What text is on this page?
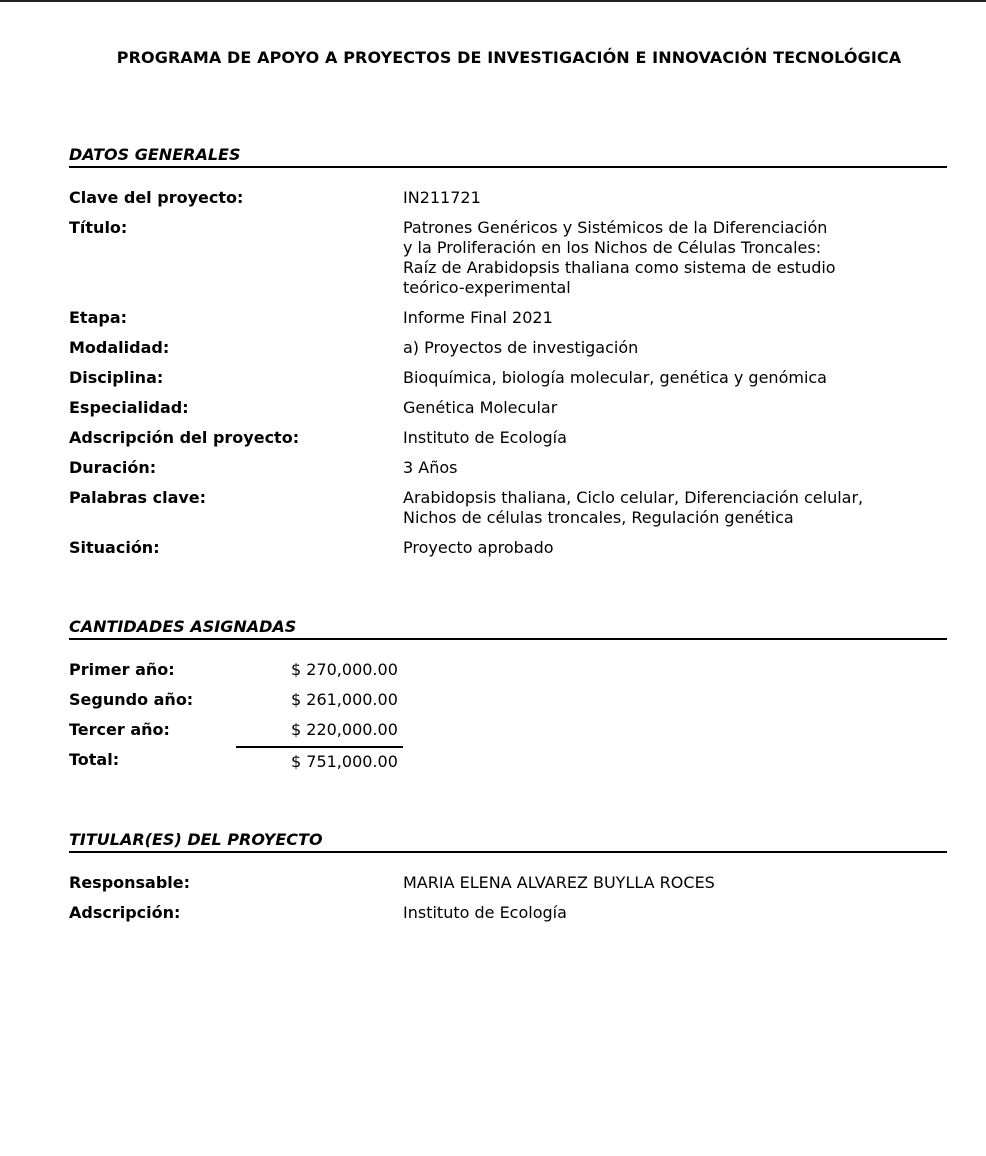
PROGRAMA DE APOYO A PROYECTOS DE INVESTIGACIÓN E INNOVACIÓN TECNOLÓGICA
DATOS GENERALES
Clave del proyecto:	IN211721
Título:	Patrones Genéricos y Sistémicos de la Diferenciación
y la Proliferación en los Nichos de Células Troncales:
Raíz de Arabidopsis thaliana como sistema de estudio
teórico-experimental
Etapa:	Informe Final 2021
Modalidad:	a) Proyectos de investigación
Disciplina:	Bioquímica, biología molecular, genética y genómica
Especialidad:	Genética Molecular
Adscripción del proyecto:	Instituto de Ecología
Duración:	3 Años
Palabras clave:	Arabidopsis thaliana, Ciclo celular, Diferenciación celular,
Nichos de células troncales, Regulación genética
Situación:	Proyecto aprobado
CANTIDADES ASIGNADAS
Primer año:	$ 270,000.00
Segundo año:	$ 261,000.00
Tercer año:	$ 220,000.00
Total:	$ 751,000.00
TITULAR(ES) DEL PROYECTO
Responsable:	MARIA ELENA ALVAREZ BUYLLA ROCES
Adscripción:	Instituto de Ecología
